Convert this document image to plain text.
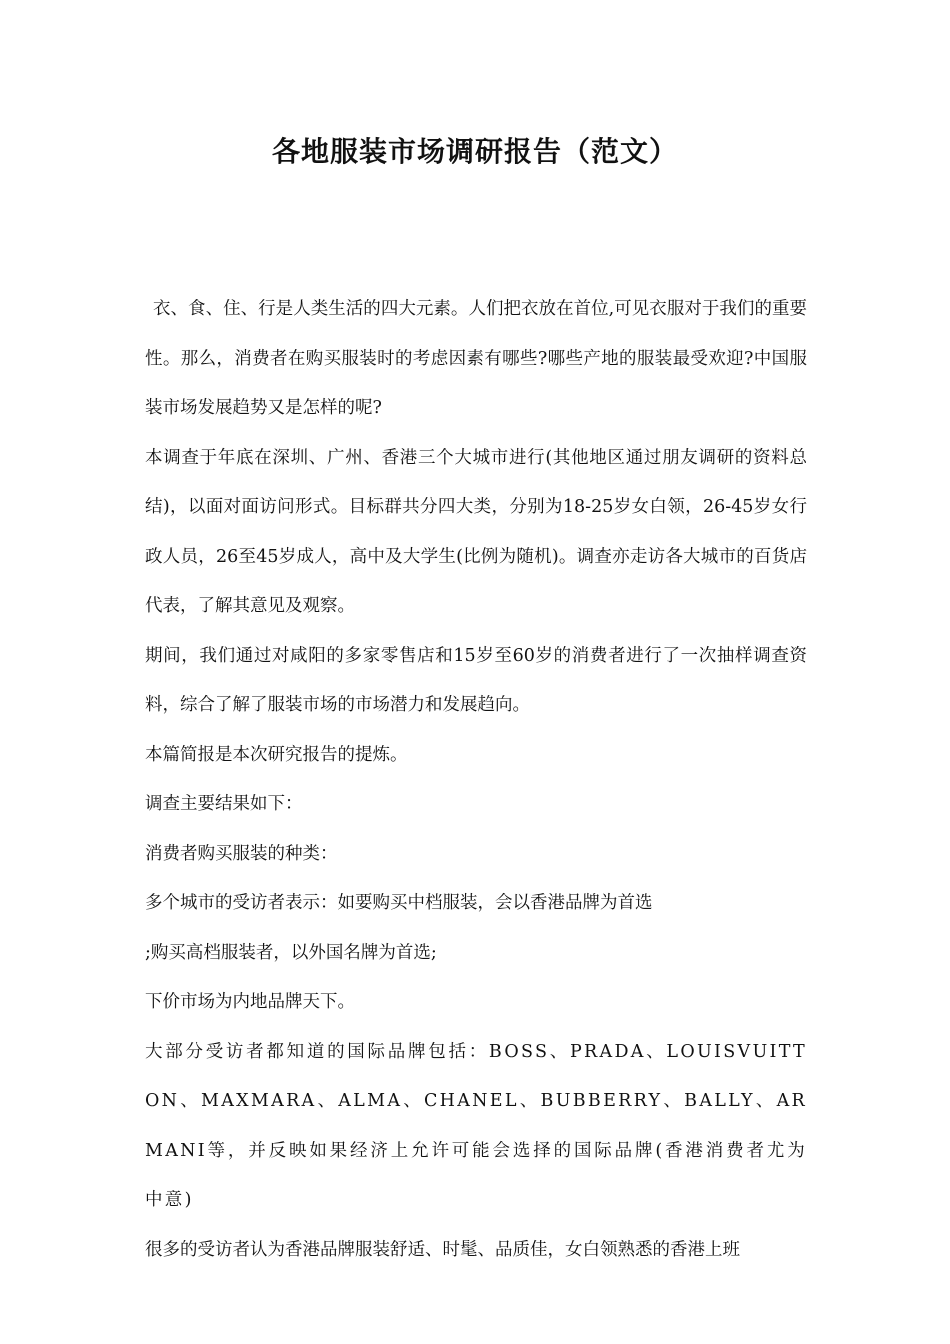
各地服装市场调研报告（范文）

衣、食、住、行是人类生活的四大元素。人们把衣放在首位,可见衣服对于我们的重要性。那么，消费者在购买服装时的考虑因素有哪些?哪些产地的服装最受欢迎?中国服装市场发展趋势又是怎样的呢?

本调查于年底在深圳、广州、香港三个大城市进行(其他地区通过朋友调研的资料总结)，以面对面访问形式。目标群共分四大类，分别为18-25岁女白领，26-45岁女行政人员，26至45岁成人，高中及大学生(比例为随机)。调查亦走访各大城市的百货店代表，了解其意见及观察。

期间，我们通过对咸阳的多家零售店和15岁至60岁的消费者进行了一次抽样调查资料，综合了解了服装市场的市场潜力和发展趋向。

本篇简报是本次研究报告的提炼。

调查主要结果如下：

消费者购买服装的种类：

多个城市的受访者表示：如要购买中档服装，会以香港品牌为首选

;购买高档服装者，以外国名牌为首选;

下价市场为内地品牌天下。

大部分受访者都知道的国际品牌包括：BOSS、PRADA、LOUISVUITTON、MAXMARA、ALMA、CHANEL、BUBBERRY、BALLY、ARMANI等，并反映如果经济上允许可能会选择的国际品牌(香港消费者尤为中意)

很多的受访者认为香港品牌服装舒适、时髦、品质佳，女白领熟悉的香港上班
